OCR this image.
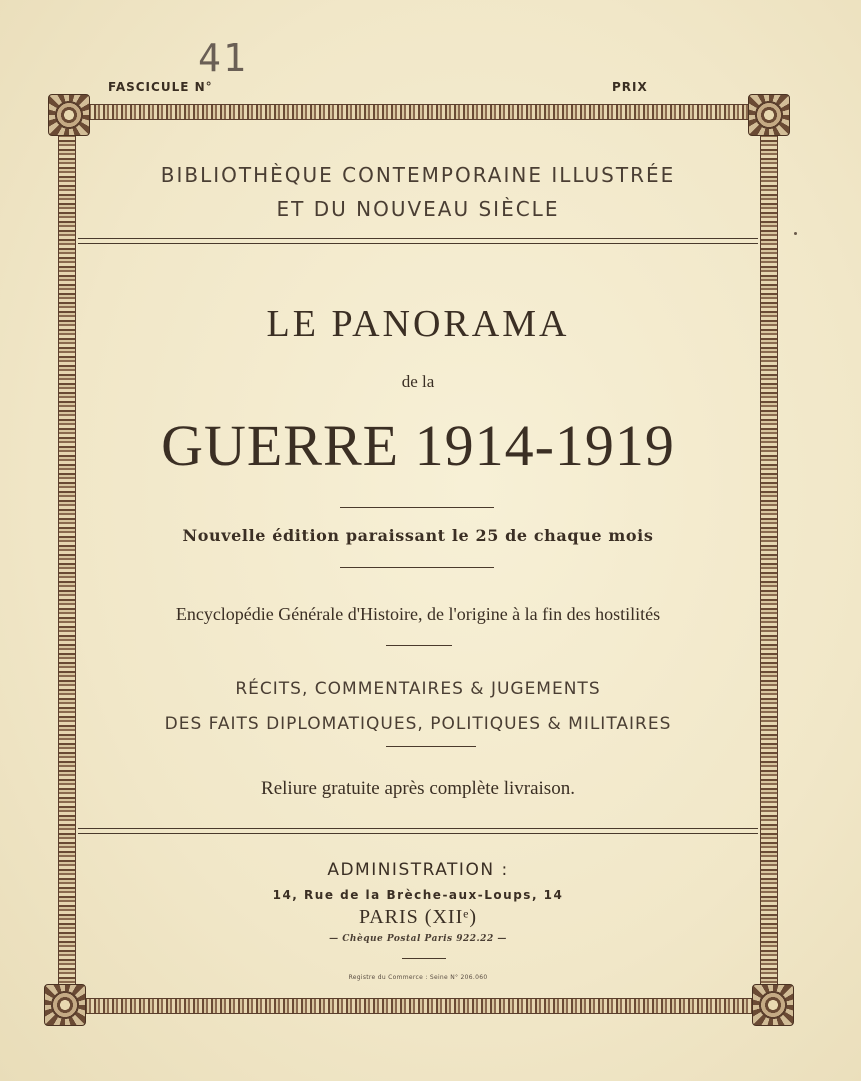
FASCICULE N°
41
PRIX
BIBLIOTHÈQUE CONTEMPORAINE ILLUSTRÉE
ET DU NOUVEAU SIÈCLE
LE PANORAMA
de la
GUERRE 1914-1919
Nouvelle édition paraissant le 25 de chaque mois
Encyclopédie Générale d'Histoire, de l'origine à la fin des hostilités
RÉCITS, COMMENTAIRES & JUGEMENTS
DES FAITS DIPLOMATIQUES, POLITIQUES & MILITAIRES
Reliure gratuite après complète livraison.
ADMINISTRATION :
14, Rue de la Brèche-aux-Loups, 14
PARIS (XIIᵉ)
— Chèque Postal Paris 922.22 —
Registre du Commerce : Seine N° 206.060
